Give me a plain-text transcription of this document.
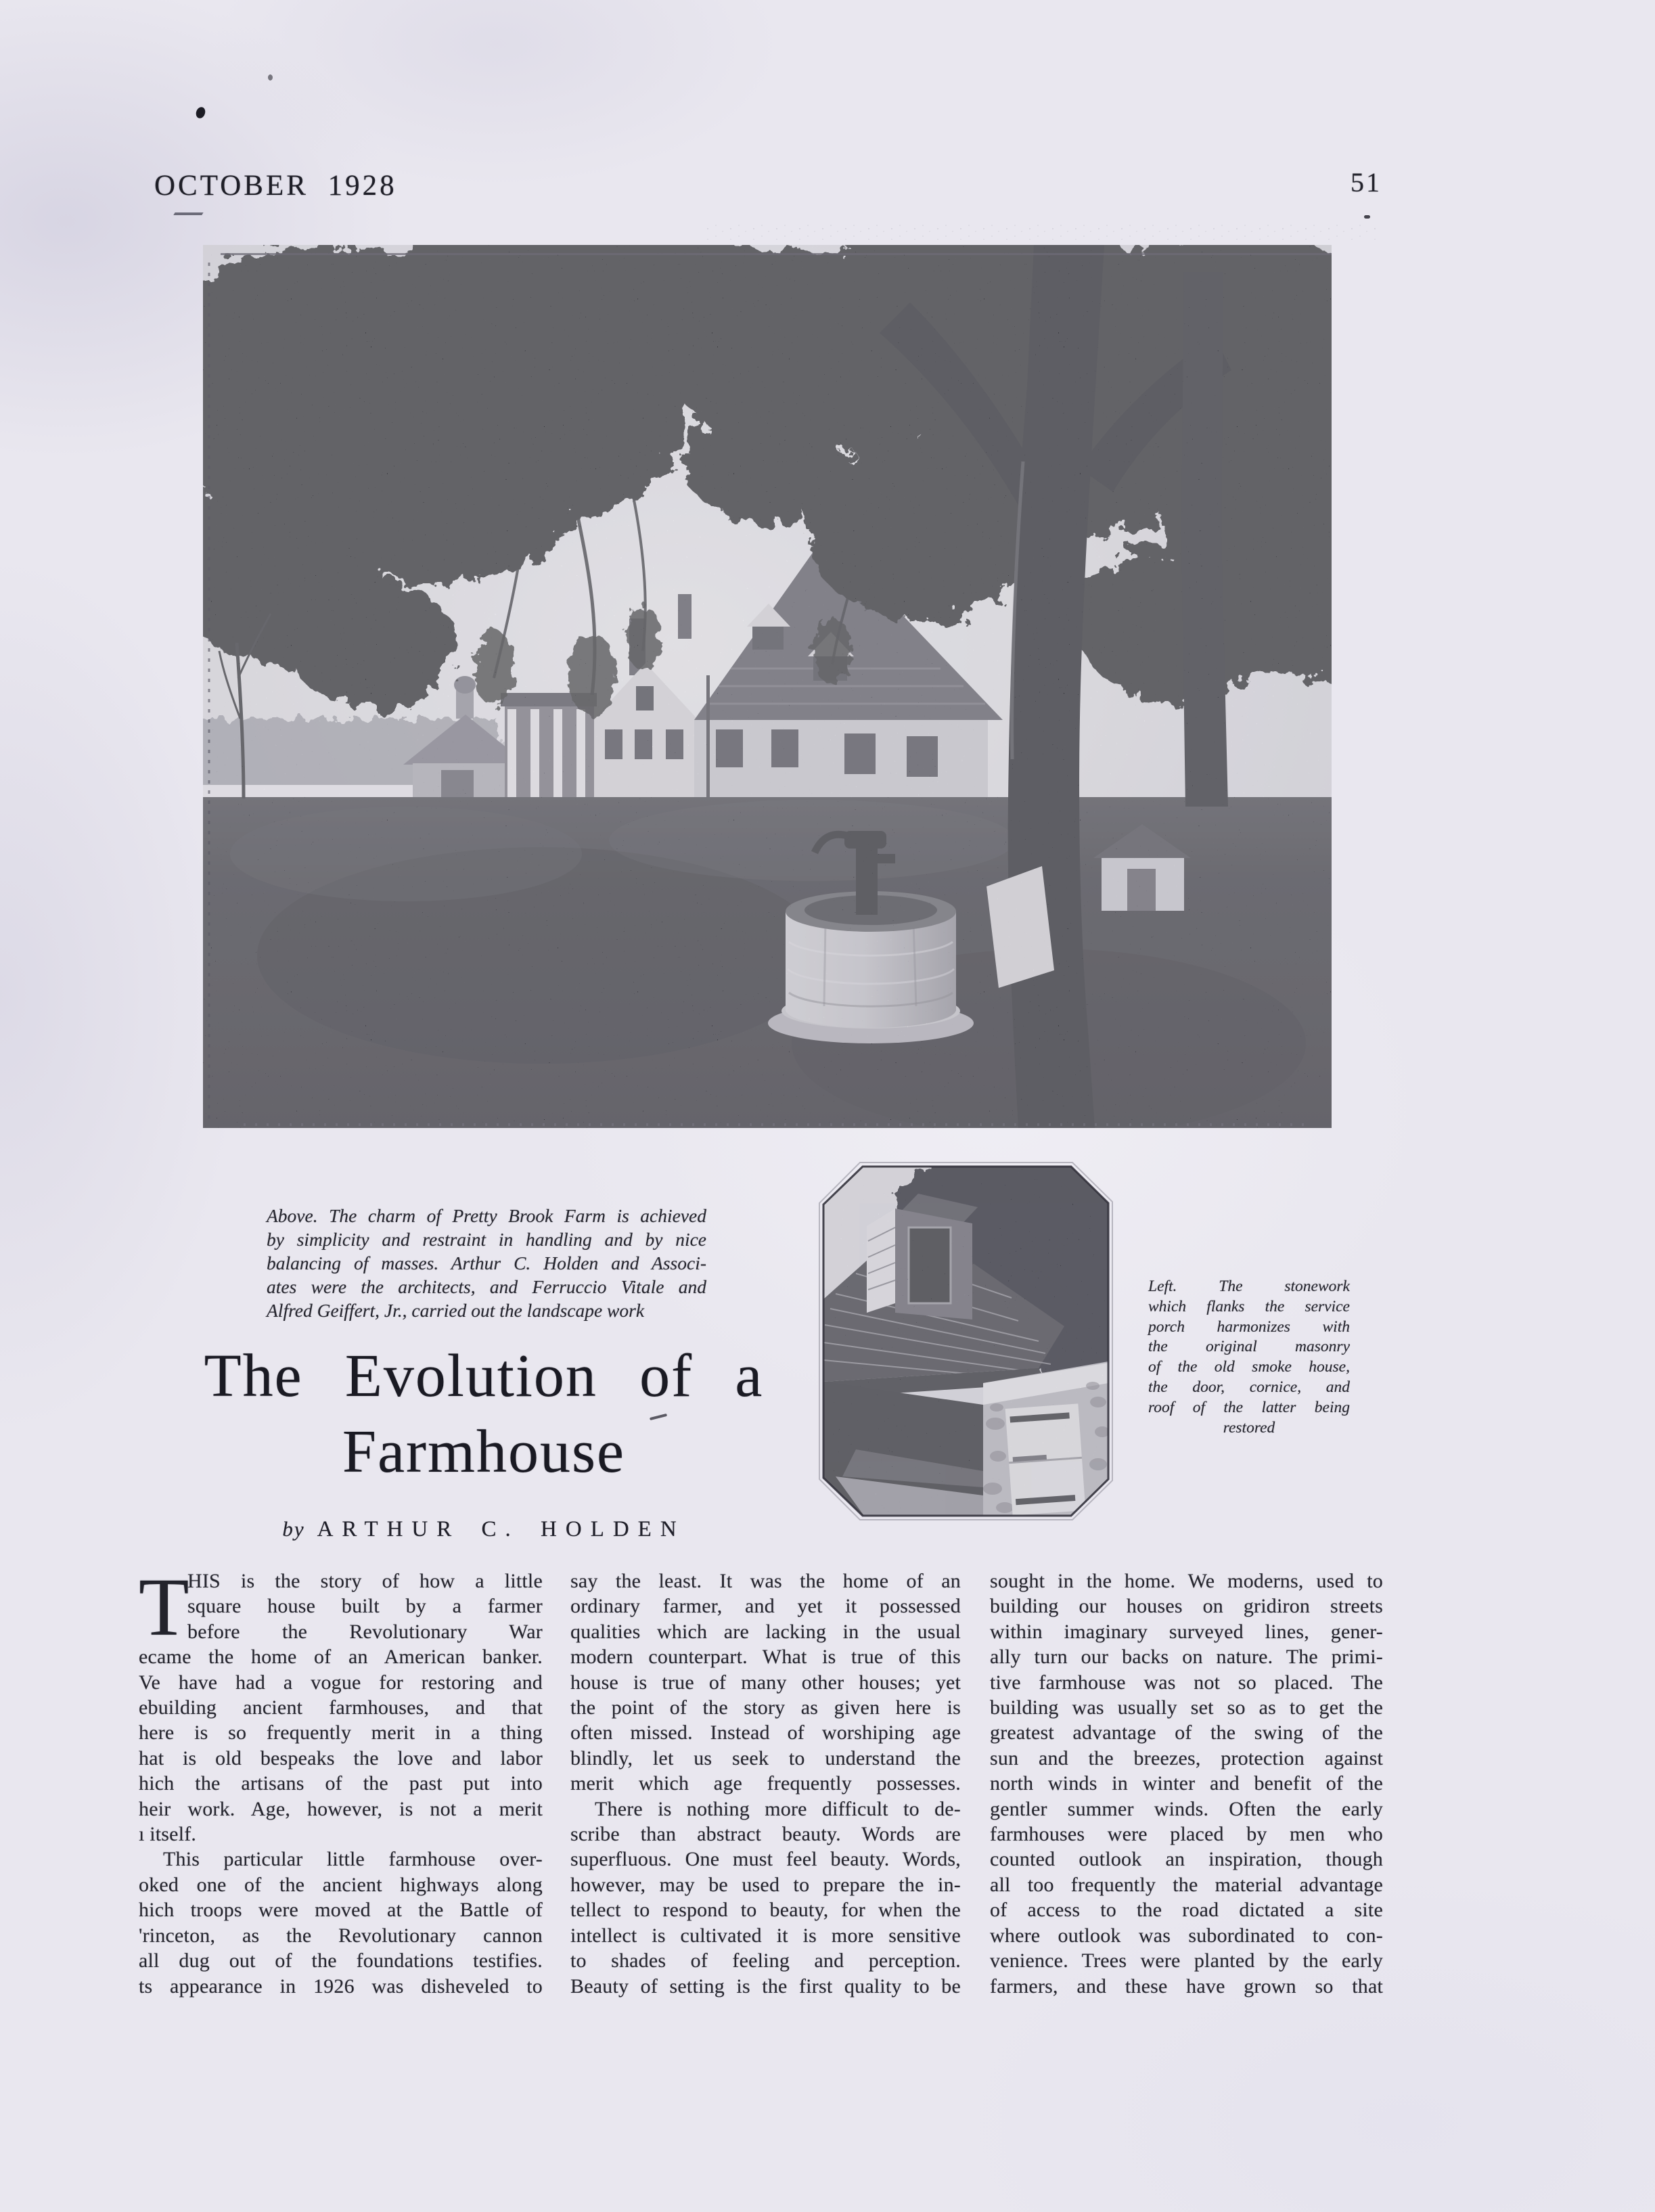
OCTOBER 1928	51
Above. The charm of Pretty Brook Farm is achieved
by simplicity and restraint in handling and by nice
balancing of masses. Arthur C. Holden and Associ-
ates were the architects, and Ferruccio Vitale and
Alfred Geiffert, Jr., carried out the landscape work
Left. The stonework
which flanks the service
porch harmonizes with
the original masonry
of the old smoke house,
the door, cornice, and
roof of the latter being
restored
The Evolution of a
Farmhouse
by ARTHUR C. HOLDEN
T
HIS is the story of how a little
square house built by a farmer
before the Revolutionary War
ecame the home of an American banker.
Ve have had a vogue for restoring and
ebuilding ancient farmhouses, and that
here is so frequently merit in a thing
hat is old bespeaks the love and labor
hich the artisans of the past put into
heir work. Age, however, is not a merit
ı itself.
This particular little farmhouse over-
oked one of the ancient highways along
hich troops were moved at the Battle of
'rinceton, as the Revolutionary cannon
all dug out of the foundations testifies.
ts appearance in 1926 was disheveled to
say the least. It was the home of an
ordinary farmer, and yet it possessed
qualities which are lacking in the usual
modern counterpart. What is true of this
house is true of many other houses; yet
the point of the story as given here is
often missed. Instead of worshiping age
blindly, let us seek to understand the
merit which age frequently possesses.
There is nothing more difficult to de-
scribe than abstract beauty. Words are
superfluous. One must feel beauty. Words,
however, may be used to prepare the in-
tellect to respond to beauty, for when the
intellect is cultivated it is more sensitive
to shades of feeling and perception.
Beauty of setting is the first quality to be
sought in the home. We moderns, used to
building our houses on gridiron streets
within imaginary surveyed lines, gener-
ally turn our backs on nature. The primi-
tive farmhouse was not so placed. The
building was usually set so as to get the
greatest advantage of the swing of the
sun and the breezes, protection against
north winds in winter and benefit of the
gentler summer winds. Often the early
farmhouses were placed by men who
counted outlook an inspiration, though
all too frequently the material advantage
of access to the road dictated a site
where outlook was subordinated to con-
venience. Trees were planted by the early
farmers, and these have grown so that
